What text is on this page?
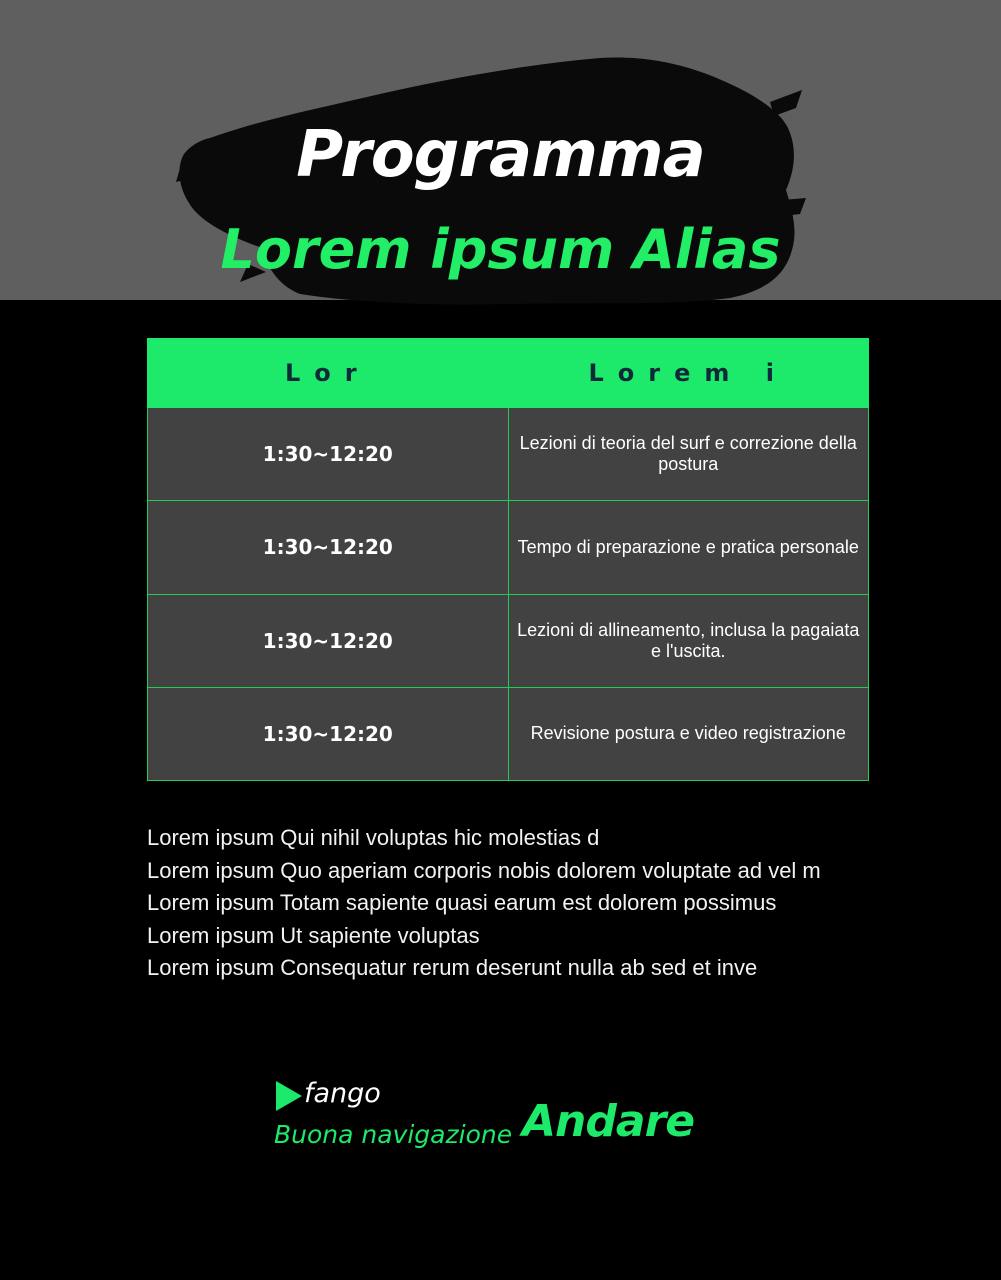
Programma
Lorem ipsum Alias
Lor	Lorem i
1:30~12:20	Lezioni di teoria del surf e correzione della postura
1:30~12:20	Tempo di preparazione e pratica personale
1:30~12:20	Lezioni di allineamento, inclusa la pagaiata e l'uscita.
1:30~12:20	Revisione postura e video registrazione
Lorem ipsum Qui nihil voluptas hic molestias d
Lorem ipsum Quo aperiam corporis nobis dolorem voluptate ad vel m
Lorem ipsum Totam sapiente quasi earum est dolorem possimus
Lorem ipsum Ut sapiente voluptas
Lorem ipsum Consequatur rerum deserunt nulla ab sed et inve
fango
Buona navigazione Andare
